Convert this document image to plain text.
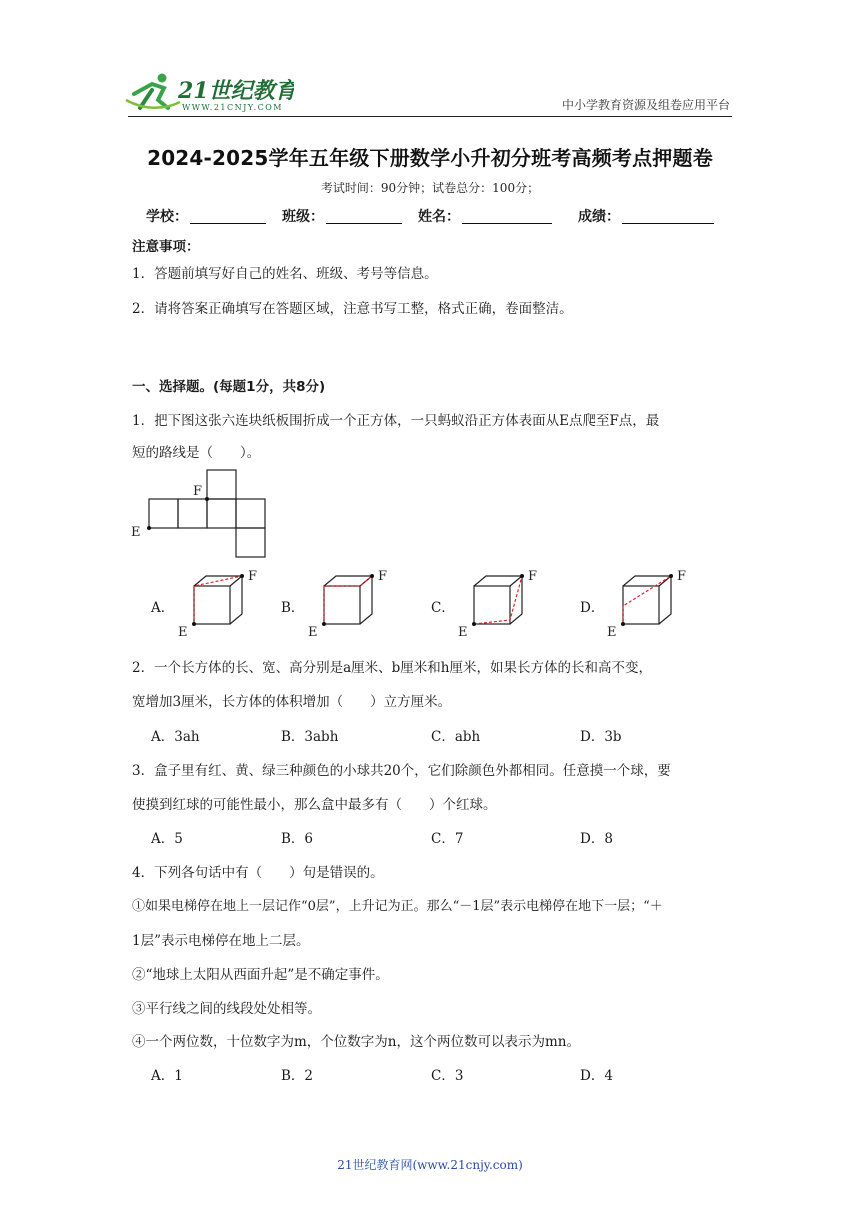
21世纪教育
WWW.21CNJY.COM	中小学教育资源及组卷应用平台
2024-2025学年五年级下册数学小升初分班考高频考点押题卷
考试时间：90分钟；试卷总分：100分；
学校：	班级：	姓名：	成绩：
注意事项：
1．答题前填写好自己的姓名、班级、考号等信息。
2．请将答案正确填写在答题区域，注意书写工整，格式正确，卷面整洁。
一、选择题。(每题1分，共8分)
1．把下图这张六连块纸板围折成一个正方体，一只蚂蚁沿正方体表面从E点爬至F点，最
短的路线是（　　）。
E
F
A．
E
F
B．
E
F
C．
E
F
D．
E
F
2．一个长方体的长、宽、高分别是a厘米、b厘米和h厘米，如果长方体的长和高不变，
宽增加3厘米，长方体的体积增加（　　）立方厘米。
A．3ah	B．3abh	C．abh	D．3b
3．盒子里有红、黄、绿三种颜色的小球共20个，它们除颜色外都相同。任意摸一个球，要
使摸到红球的可能性最小，那么盒中最多有（　　）个红球。
A．5	B．6	C．7	D．8
4．下列各句话中有（　　）句是错误的。
①如果电梯停在地上一层记作“0层”，上升记为正。那么“－1层”表示电梯停在地下一层；“＋
1层”表示电梯停在地上二层。
②“地球上太阳从西面升起”是不确定事件。
③平行线之间的线段处处相等。
④一个两位数，十位数字为m，个位数字为n，这个两位数可以表示为mn。
A．1	B．2	C．3	D．4
21世纪教育网(www.21cnjy.com)
